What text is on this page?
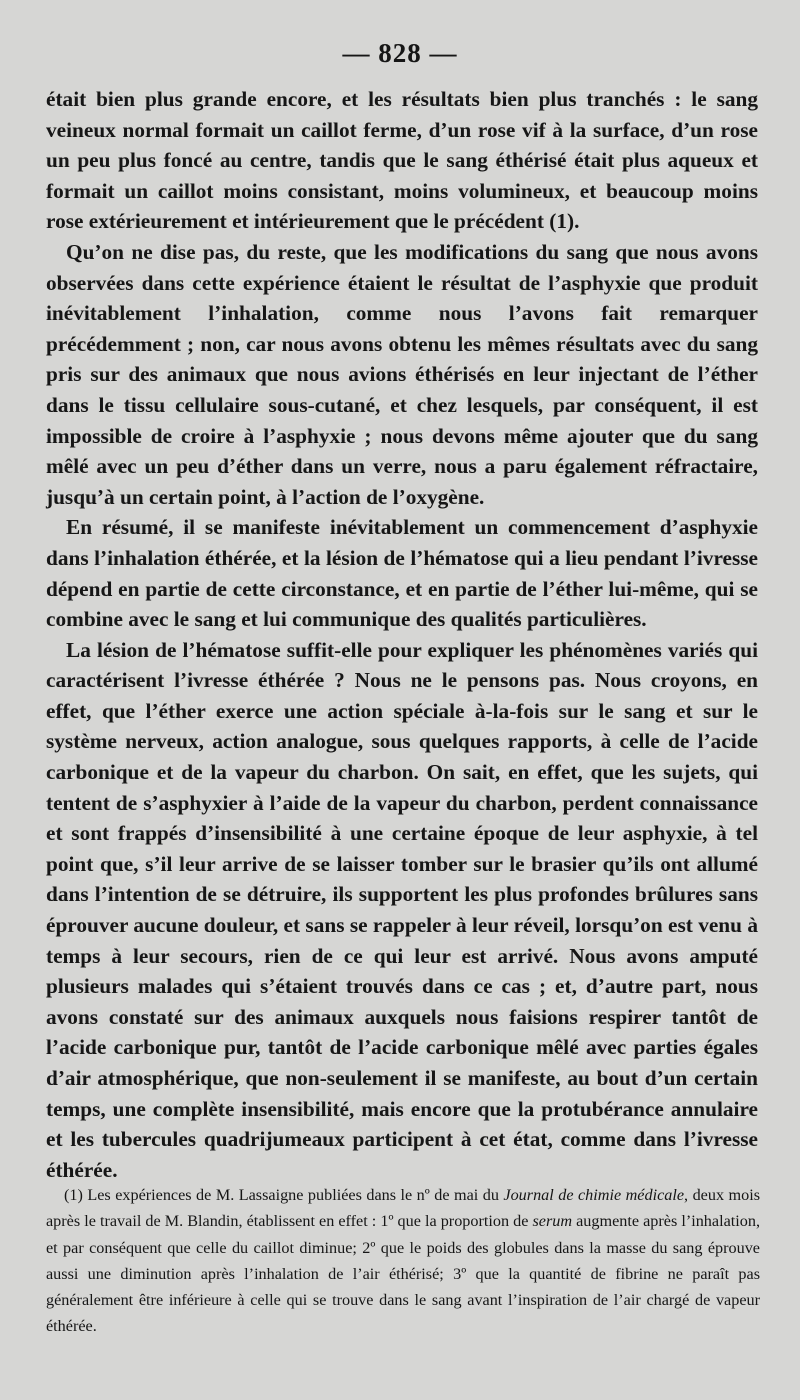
— 828 —

était bien plus grande encore, et les résultats bien plus tranchés : le sang veineux normal formait un caillot ferme, d’un rose vif à la surface, d’un rose un peu plus foncé au centre, tandis que le sang éthérisé était plus aqueux et formait un caillot moins consistant, moins volumineux, et beaucoup moins rose extérieurement et intérieurement que le précédent (1).

Qu’on ne dise pas, du reste, que les modifications du sang que nous avons observées dans cette expérience étaient le résultat de l’asphyxie que produit inévitablement l’inhalation, comme nous l’avons fait remarquer précédemment ; non, car nous avons obtenu les mêmes résultats avec du sang pris sur des animaux que nous avions éthérisés en leur injectant de l’éther dans le tissu cellulaire sous-cutané, et chez lesquels, par conséquent, il est impossible de croire à l’asphyxie ; nous devons même ajouter que du sang mêlé avec un peu d’éther dans un verre, nous a paru également réfractaire, jusqu’à un certain point, à l’action de l’oxygène.

En résumé, il se manifeste inévitablement un commencement d’asphyxie dans l’inhalation éthérée, et la lésion de l’hématose qui a lieu pendant l’ivresse dépend en partie de cette circonstance, et en partie de l’éther lui-même, qui se combine avec le sang et lui communique des qualités particulières.

La lésion de l’hématose suffit-elle pour expliquer les phénomènes variés qui caractérisent l’ivresse éthérée ? Nous ne le pensons pas. Nous croyons, en effet, que l’éther exerce une action spéciale à-la-fois sur le sang et sur le système nerveux, action analogue, sous quelques rapports, à celle de l’acide carbonique et de la vapeur du charbon. On sait, en effet, que les sujets, qui tentent de s’asphyxier à l’aide de la vapeur du charbon, perdent connaissance et sont frappés d’insensibilité à une certaine époque de leur asphyxie, à tel point que, s’il leur arrive de se laisser tomber sur le brasier qu’ils ont allumé dans l’intention de se détruire, ils supportent les plus profondes brûlures sans éprouver aucune douleur, et sans se rappeler à leur réveil, lorsqu’on est venu à temps à leur secours, rien de ce qui leur est arrivé. Nous avons amputé plusieurs malades qui s’étaient trouvés dans ce cas ; et, d’autre part, nous avons constaté sur des animaux auxquels nous faisions respirer tantôt de l’acide carbonique pur, tantôt de l’acide carbonique mêlé avec parties égales d’air atmosphérique, que non-seulement il se manifeste, au bout d’un certain temps, une complète insensibilité, mais encore que la protubérance annulaire et les tubercules quadrijumeaux participent à cet état, comme dans l’ivresse éthérée.

(1) Les expériences de M. Lassaigne publiées dans le nº de mai du Journal de chimie médicale, deux mois après le travail de M. Blandin, établissent en effet : 1º que la proportion de serum augmente après l’inhalation, et par conséquent que celle du caillot diminue; 2º que le poids des globules dans la masse du sang éprouve aussi une diminution après l’inhalation de l’air éthérisé; 3º que la quantité de fibrine ne paraît pas généralement être inférieure à celle qui se trouve dans le sang avant l’inspiration de l’air chargé de vapeur éthérée.
